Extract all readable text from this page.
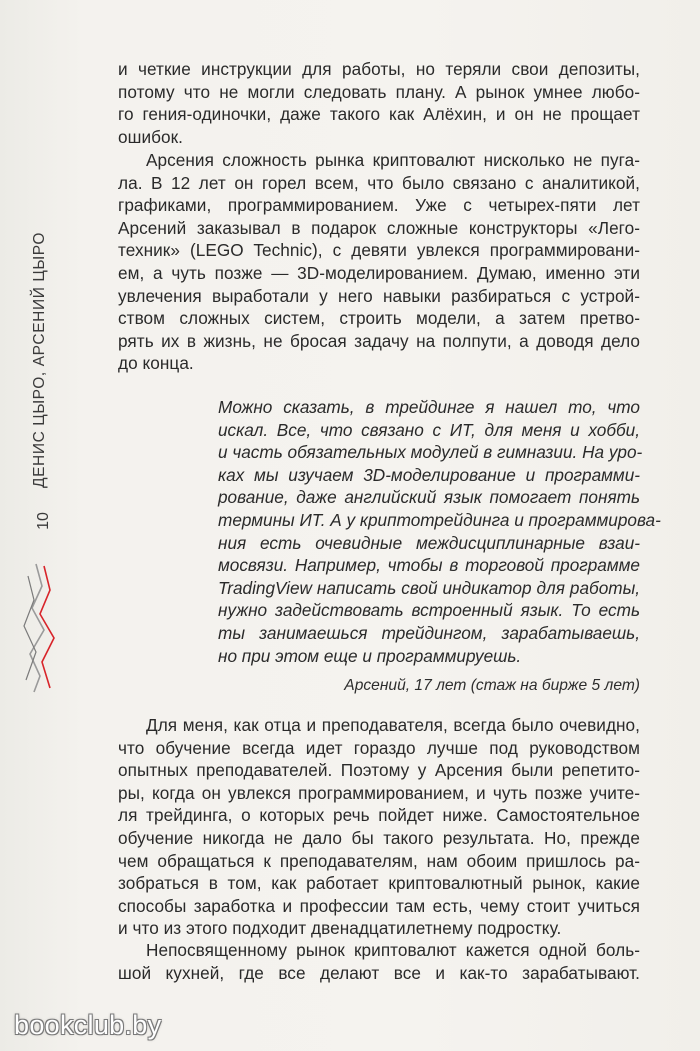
ДЕНИС ЦЫРО, АРСЕНИЙ ЦЫРО
10
и четкие инструкции для работы, но теряли свои депозиты,
потому что не могли следовать плану. А рынок умнее любо-
го гения-одиночки, даже такого как Алёхин, и он не прощает
ошибок.
Арсения сложность рынка криптовалют нисколько не пуга-
ла. В 12 лет он горел всем, что было связано с аналитикой,
графиками, программированием. Уже с четырех-пяти лет
Арсений заказывал в подарок сложные конструкторы «Лего-
техник» (LEGO Technic), с девяти увлекся программировани-
ем, а чуть позже — 3D-моделированием. Думаю, именно эти
увлечения выработали у него навыки разбираться с устрой-
ством сложных систем, строить модели, а затем претво-
рять их в жизнь, не бросая задачу на полпути, а доводя дело
до конца.
Можно сказать, в трейдинге я нашел то, что
искал. Все, что связано с ИТ, для меня и хобби,
и часть обязательных модулей в гимназии. На уро-
ках мы изучаем 3D-моделирование и программи-
рование, даже английский язык помогает понять
термины ИТ. А у криптотрейдинга и программирова-
ния есть очевидные междисциплинарные взаи-
мосвязи. Например, чтобы в торговой программе
TradingView написать свой индикатор для работы,
нужно задействовать встроенный язык. То есть
ты занимаешься трейдингом, зарабатываешь,
но при этом еще и программируешь.
Арсений, 17 лет (стаж на бирже 5 лет)
Для меня, как отца и преподавателя, всегда было очевидно,
что обучение всегда идет гораздо лучше под руководством
опытных преподавателей. Поэтому у Арсения были репетито-
ры, когда он увлекся программированием, и чуть позже учите-
ля трейдинга, о которых речь пойдет ниже. Самостоятельное
обучение никогда не дало бы такого результата. Но, прежде
чем обращаться к преподавателям, нам обоим пришлось ра-
зобраться в том, как работает криптовалютный рынок, какие
способы заработка и профессии там есть, чему стоит учиться
и что из этого подходит двенадцатилетнему подростку.
Непосвященному рынок криптовалют кажется одной боль-
шой кухней, где все делают все и как-то зарабатывают.
bookclub.by
